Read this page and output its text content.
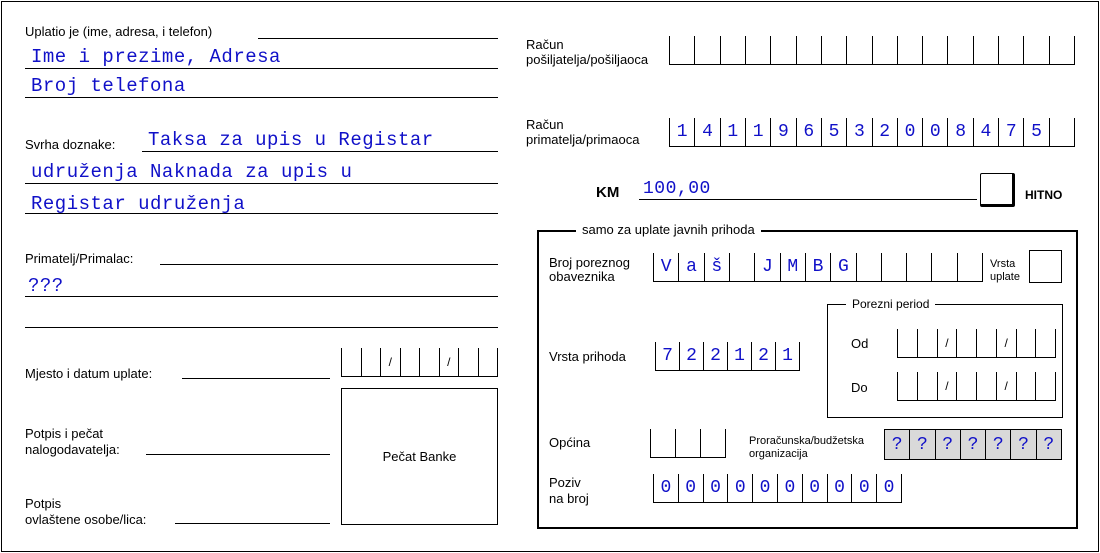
Uplatio je (ime, adresa, i telefon)
Ime i prezime, Adresa
Broj telefona
Svrha doznake: Taksa za upis u Registar
udruženja Naknada za upis u
Registar udruženja
Primatelj/Primalac:
???
Mjesto i datum uplate:
/	/
Potpis i pečat
nalogodavatelja:
Potpis
ovlaštene osobe/lica:
Pečat Banke
Račun
pošiljatelja/pošiljaoca
Račun
primatelja/primaoca	1 4 1 1 9 6 5 3 2 0 0 8 4 7 5
KM 100,00	HITNO
samo za uplate javnih prihoda
Broj poreznog
obaveznika	V a š	J M B G	Vrsta
uplate
Vrsta prihoda	7 2 2 1 2 1
Porezni period
Od	/	/
Do	/	/
Općina	Proračunska/budžetska
organizacija	? ? ? ? ? ? ?
Poziv
na broj
0 0 0 0 0 0 0 0 0 0
